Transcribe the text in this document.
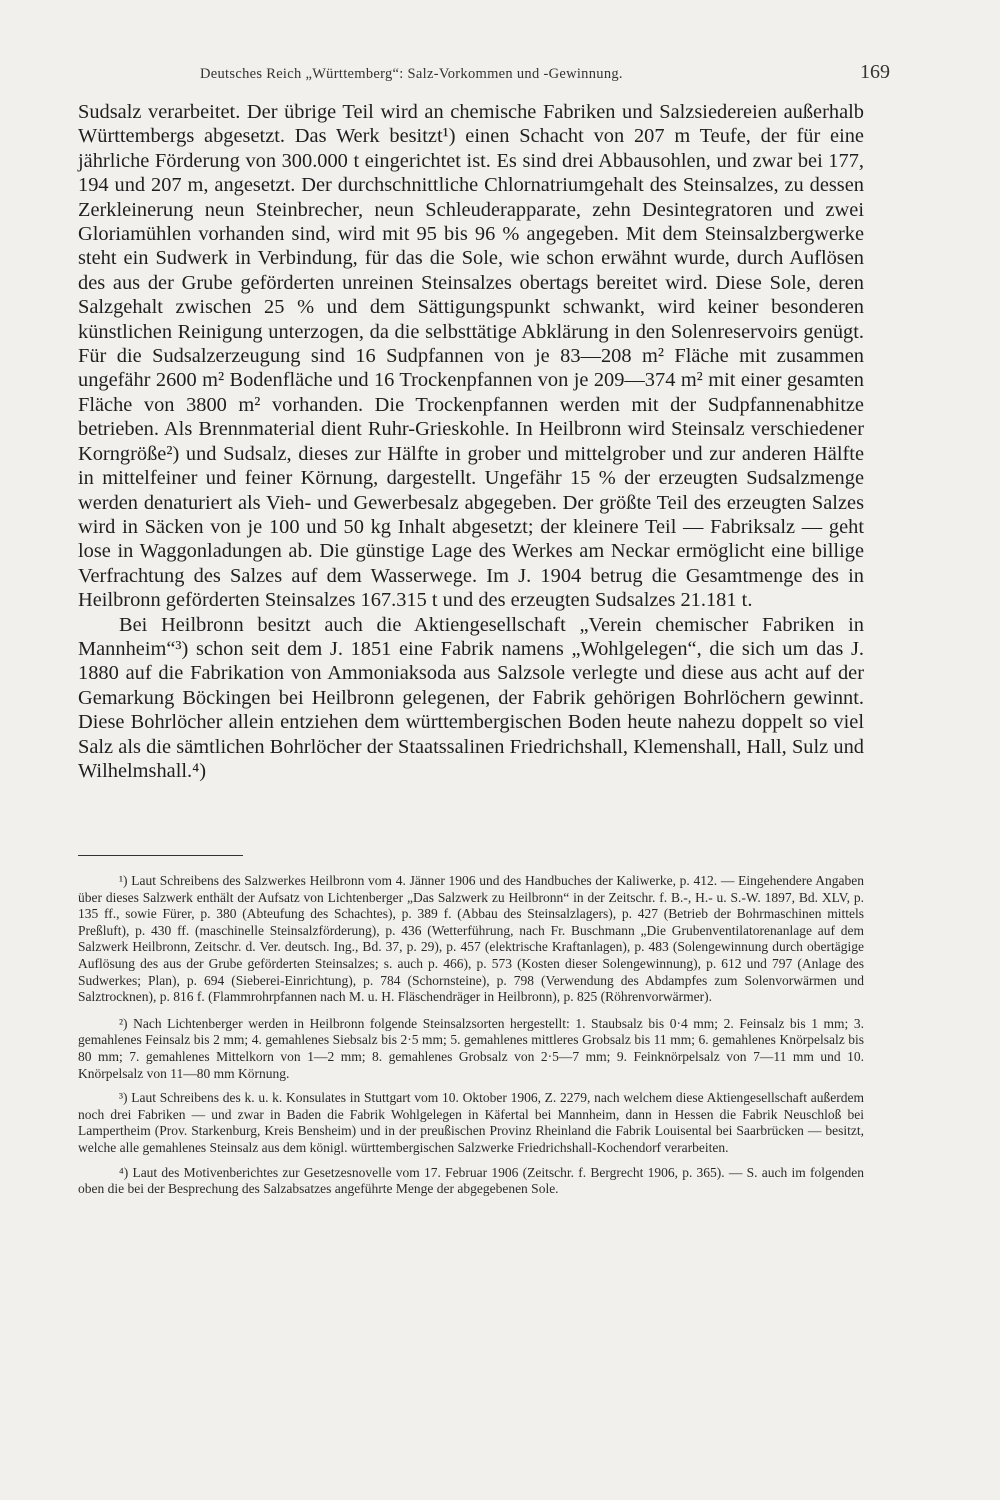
Deutsches Reich „Württemberg“: Salz-Vorkommen und -Gewinnung.	169

Sudsalz verarbeitet. Der übrige Teil wird an chemische Fabriken und Salzsiedereien außerhalb Württembergs abgesetzt. Das Werk besitzt¹) einen Schacht von 207 m Teufe, der für eine jährliche Förderung von 300.000 t eingerichtet ist. Es sind drei Abbausohlen, und zwar bei 177, 194 und 207 m, angesetzt. Der durchschnittliche Chlornatriumgehalt des Steinsalzes, zu dessen Zerkleinerung neun Steinbrecher, neun Schleuderapparate, zehn Desintegratoren und zwei Gloriamühlen vorhanden sind, wird mit 95 bis 96 % angegeben. Mit dem Steinsalzbergwerke steht ein Sudwerk in Verbindung, für das die Sole, wie schon erwähnt wurde, durch Auflösen des aus der Grube geförderten unreinen Steinsalzes obertags bereitet wird. Diese Sole, deren Salzgehalt zwischen 25 % und dem Sättigungspunkt schwankt, wird keiner besonderen künstlichen Reinigung unterzogen, da die selbsttätige Abklärung in den Solenreservoirs genügt. Für die Sudsalzerzeugung sind 16 Sudpfannen von je 83—208 m² Fläche mit zusammen ungefähr 2600 m² Bodenfläche und 16 Trockenpfannen von je 209—374 m² mit einer gesamten Fläche von 3800 m² vorhanden. Die Trockenpfannen werden mit der Sudpfannenabhitze betrieben. Als Brennmaterial dient Ruhr-Grieskohle. In Heilbronn wird Steinsalz verschiedener Korngröße²) und Sudsalz, dieses zur Hälfte in grober und mittelgrober und zur anderen Hälfte in mittelfeiner und feiner Körnung, dargestellt. Ungefähr 15 % der erzeugten Sudsalzmenge werden denaturiert als Vieh- und Gewerbesalz abgegeben. Der größte Teil des erzeugten Salzes wird in Säcken von je 100 und 50 kg Inhalt abgesetzt; der kleinere Teil — Fabriksalz — geht lose in Waggonladungen ab. Die günstige Lage des Werkes am Neckar ermöglicht eine billige Verfrachtung des Salzes auf dem Wasserwege. Im J. 1904 betrug die Gesamtmenge des in Heilbronn geförderten Steinsalzes 167.315 t und des erzeugten Sudsalzes 21.181 t.

Bei Heilbronn besitzt auch die Aktiengesellschaft „Verein chemischer Fabriken in Mannheim“³) schon seit dem J. 1851 eine Fabrik namens „Wohlgelegen“, die sich um das J. 1880 auf die Fabrikation von Ammoniaksoda aus Salzsole verlegte und diese aus acht auf der Gemarkung Böckingen bei Heilbronn gelegenen, der Fabrik gehörigen Bohrlöchern gewinnt. Diese Bohrlöcher allein entziehen dem württembergischen Boden heute nahezu doppelt so viel Salz als die sämtlichen Bohrlöcher der Staatssalinen Friedrichshall, Klemenshall, Hall, Sulz und Wilhelmshall.⁴)

¹) Laut Schreibens des Salzwerkes Heilbronn vom 4. Jänner 1906 und des Handbuches der Kaliwerke, p. 412. — Eingehendere Angaben über dieses Salzwerk enthält der Aufsatz von Lichtenberger „Das Salzwerk zu Heilbronn“ in der Zeitschr. f. B.-, H.- u. S.-W. 1897, Bd. XLV, p. 135 ff., sowie Fürer, p. 380 (Abteufung des Schachtes), p. 389 f. (Abbau des Steinsalzlagers), p. 427 (Betrieb der Bohrmaschinen mittels Preßluft), p. 430 ff. (maschinelle Steinsalzförderung), p. 436 (Wetterführung, nach Fr. Buschmann „Die Grubenventilatorenanlage auf dem Salzwerk Heilbronn, Zeitschr. d. Ver. deutsch. Ing., Bd. 37, p. 29), p. 457 (elektrische Kraftanlagen), p. 483 (Solengewinnung durch obertägige Auflösung des aus der Grube geförderten Steinsalzes; s. auch p. 466), p. 573 (Kosten dieser Solengewinnung), p. 612 und 797 (Anlage des Sudwerkes; Plan), p. 694 (Sieberei-Einrichtung), p. 784 (Schornsteine), p. 798 (Verwendung des Abdampfes zum Solenvorwärmen und Salztrocknen), p. 816 f. (Flammrohrpfannen nach M. u. H. Fläschendräger in Heilbronn), p. 825 (Röhrenvorwärmer).

²) Nach Lichtenberger werden in Heilbronn folgende Steinsalzsorten hergestellt: 1. Staubsalz bis 0·4 mm; 2. Feinsalz bis 1 mm; 3. gemahlenes Feinsalz bis 2 mm; 4. gemahlenes Siebsalz bis 2·5 mm; 5. gemahlenes mittleres Grobsalz bis 11 mm; 6. gemahlenes Knörpelsalz bis 80 mm; 7. gemahlenes Mittelkorn von 1—2 mm; 8. gemahlenes Grobsalz von 2·5—7 mm; 9. Feinknörpelsalz von 7—11 mm und 10. Knörpelsalz von 11—80 mm Körnung.

³) Laut Schreibens des k. u. k. Konsulates in Stuttgart vom 10. Oktober 1906, Z. 2279, nach welchem diese Aktiengesellschaft außerdem noch drei Fabriken — und zwar in Baden die Fabrik Wohlgelegen in Käfertal bei Mannheim, dann in Hessen die Fabrik Neuschloß bei Lampertheim (Prov. Starkenburg, Kreis Bensheim) und in der preußischen Provinz Rheinland die Fabrik Louisental bei Saarbrücken — besitzt, welche alle gemahlenes Steinsalz aus dem königl. württembergischen Salzwerke Friedrichshall-Kochendorf verarbeiten.

⁴) Laut des Motivenberichtes zur Gesetzesnovelle vom 17. Februar 1906 (Zeitschr. f. Bergrecht 1906, p. 365). — S. auch im folgenden oben die bei der Besprechung des Salzabsatzes angeführte Menge der abgegebenen Sole.
